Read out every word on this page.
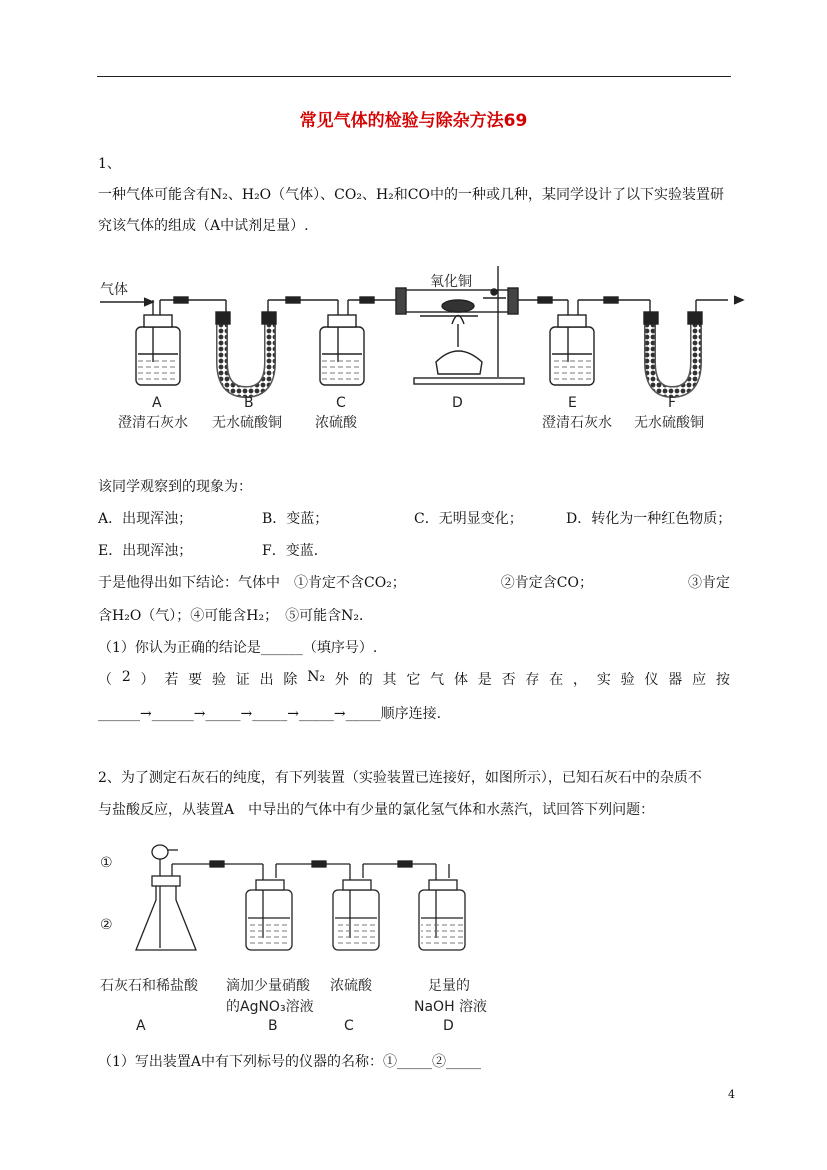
常见气体的检验与除杂方法69
1、
一种气体可能含有N₂、H₂O（气体）、CO₂、H₂和CO中的一种或几种，某同学设计了以下实验装置研
究该气体的组成（A中试剂足量）.
气体	氧化铜
A	B	C	D	E	F
澄清石灰水 无水硫酸铜 浓硫酸	澄清石灰水 无水硫酸铜
该同学观察到的现象为：
A．出现浑浊；	B．变蓝；	C．无明显变化；	D．转化为一种红色物质；
E．出现浑浊；	F．变蓝．
于是他得出如下结论：气体中　①肯定不含CO₂；	②肯定含CO；	③肯定
含H₂O（气）；④可能含H₂；　⑤可能含N₂．
（1）你认为正确的结论是______（填序号）.
（ 2 ） 若 要 验 证 出 除 N₂ 外 的 其 它 气 体 是 否 存 在 ， 实 验 仪 器 应 按
______→______→_____→_____→_____→_____顺序连接.
2、为了测定石灰石的纯度，有下列装置（实验装置已连接好，如图所示），已知石灰石中的杂质不
与盐酸反应，从装置A　中导出的气体中有少量的氯化氢气体和水蒸汽，试回答下列问题：
①
②
石灰石和稀盐酸 滴加少量硝酸
的AgNO₃溶液
浓硫酸	足量的
NaOH 溶液
A	B	C	D
（1）写出装置A中有下列标号的仪器的名称：①_____②_____
4
